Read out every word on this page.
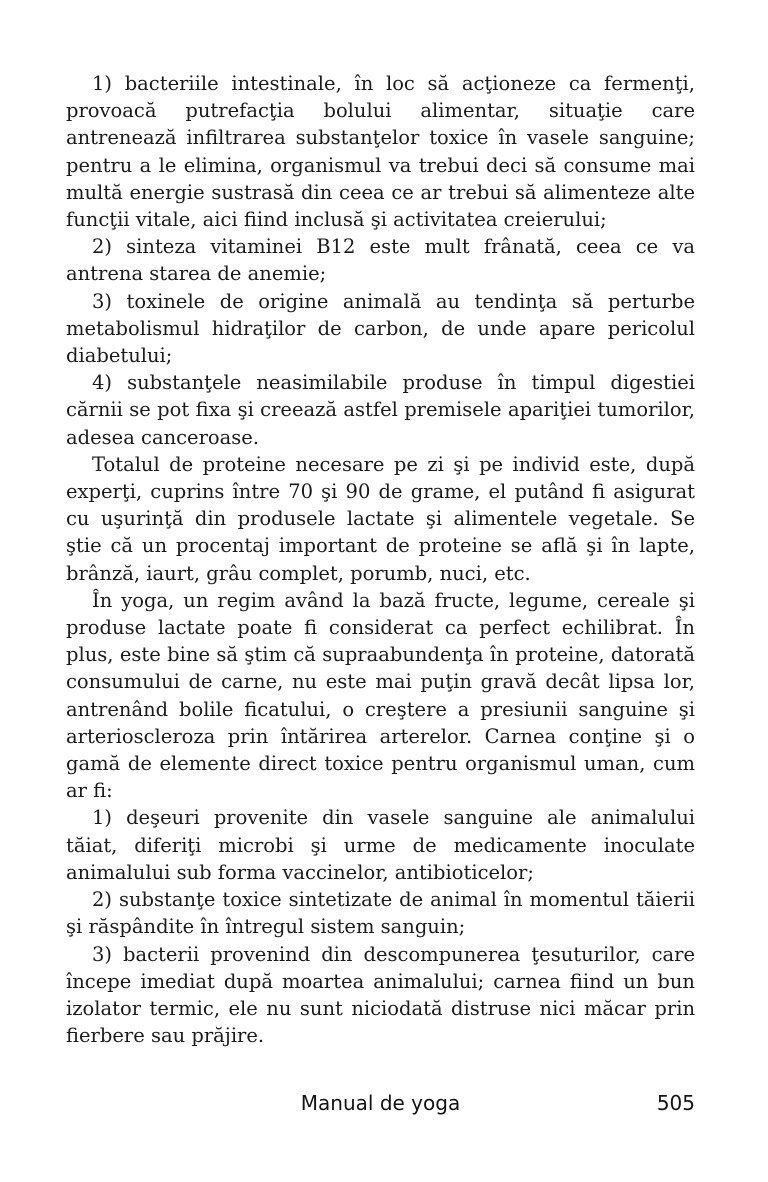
1) bacteriile intestinale, în loc să acţioneze ca fermenţi, provoacă putrefacţia bolului alimentar, situaţie care antrenează infiltrarea substanţelor toxice în vasele sanguine; pentru a le elimina, organismul va trebui deci să consume mai multă energie sustrasă din ceea ce ar trebui să alimenteze alte funcţii vitale, aici fiind inclusă şi activitatea creierului;

2) sinteza vitaminei B12 este mult frânată, ceea ce va antrena starea de anemie;

3) toxinele de origine animală au tendinţa să perturbe metabolismul hidraţilor de carbon, de unde apare pericolul diabetului;

4) substanţele neasimilabile produse în timpul digestiei cărnii se pot fixa şi creează astfel premisele apariţiei tumorilor, adesea canceroase.

Totalul de proteine necesare pe zi şi pe individ este, după experţi, cuprins între 70 şi 90 de grame, el putând fi asigurat cu uşurinţă din produsele lactate şi alimentele vegetale. Se ştie că un procentaj important de proteine se află şi în lapte, brânză, iaurt, grâu complet, porumb, nuci, etc.

În yoga, un regim având la bază fructe, legume, cereale şi produse lactate poate fi considerat ca perfect echilibrat. În plus, este bine să ştim că supraabundenţa în proteine, datorată consumului de carne, nu este mai puţin gravă decât lipsa lor, antrenând bolile ficatului, o creştere a presiunii sanguine şi arterioscleroza prin întărirea arterelor. Carnea conţine şi o gamă de elemente direct toxice pentru organismul uman, cum ar fi:

1) deşeuri provenite din vasele sanguine ale animalului tăiat, diferiţi microbi şi urme de medicamente inoculate animalului sub forma vaccinelor, antibioticelor;

2) substanţe toxice sintetizate de animal în momentul tăierii şi răspândite în întregul sistem sanguin;

3) bacterii provenind din descompunerea ţesuturilor, care începe imediat după moartea animalului; carnea fiind un bun izolator termic, ele nu sunt niciodată distruse nici măcar prin fierbere sau prăjire.

Manual de yoga	505
